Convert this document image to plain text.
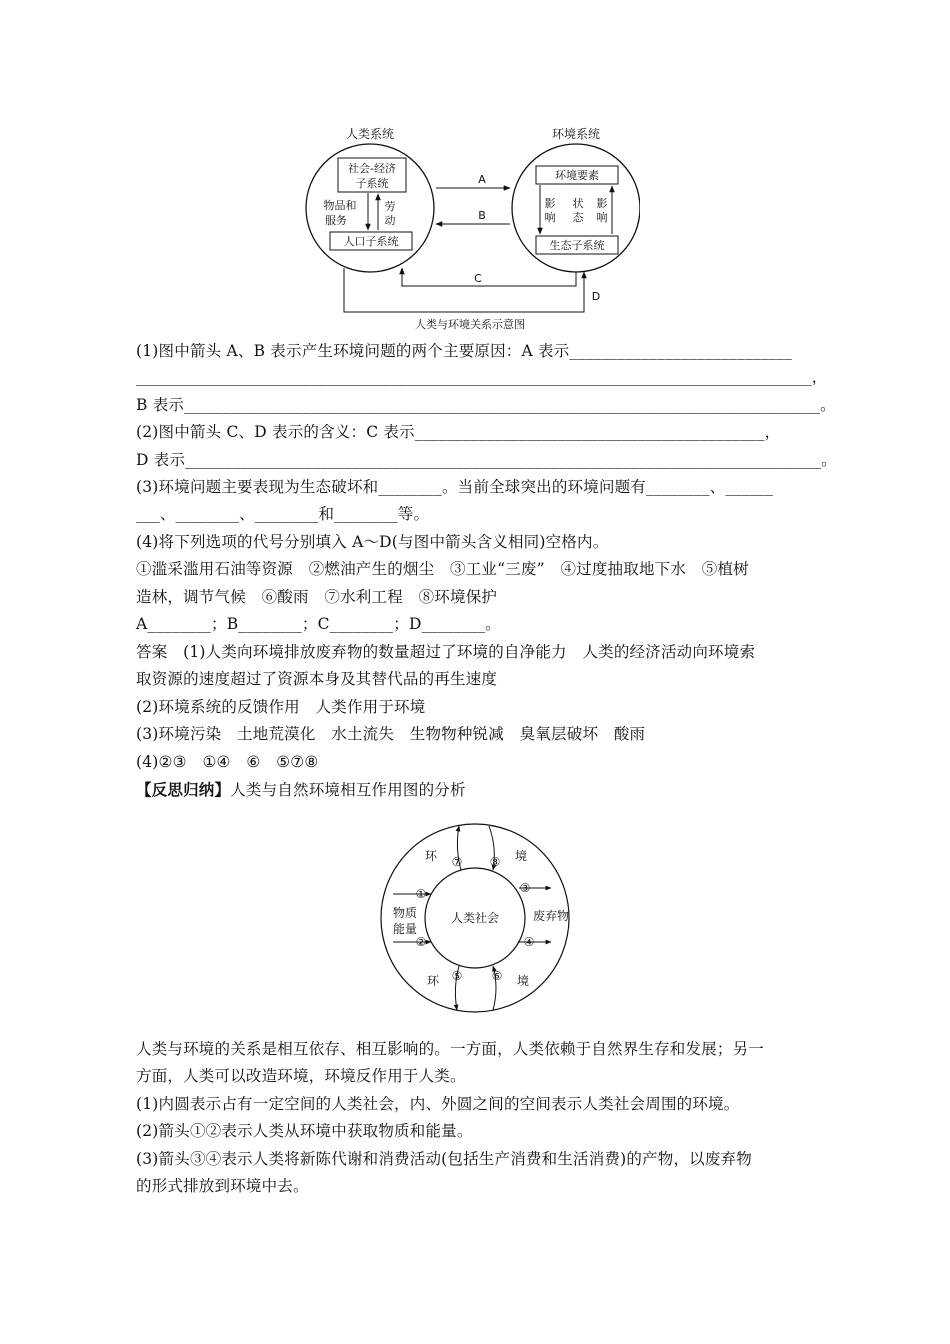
人类系统	环境系统
社会-经济
子系统
人口子系统
物品和
服务
劳
动
环境要素
生态子系统
影
响
状
态
影
响
A
B
C
D
人类与环境关系示意图
(1)图中箭头 A、B 表示产生环境问题的两个主要原因：A 表示____________________________
_____________________________________________________________________________________，
B 表示________________________________________________________________________________。
(2)图中箭头 C、D 表示的含义：C 表示____________________________________________，
D 表示________________________________________________________________________________。
(3)环境问题主要表现为生态破坏和________。当前全球突出的环境问题有________、______
___、________、________和________等。
(4)将下列选项的代号分别填入 A～D(与图中箭头含义相同)空格内。
①滥采滥用石油等资源　②燃油产生的烟尘　③工业“三废”　④过度抽取地下水　⑤植树
造林，调节气候　⑥酸雨　⑦水利工程　⑧环境保护
A________；B________；C________；D________。
答案　(1)人类向环境排放废弃物的数量超过了环境的自净能力　人类的经济活动向环境索
取资源的速度超过了资源本身及其替代品的再生速度
(2)环境系统的反馈作用　人类作用于环境
(3)环境污染　土地荒漠化　水土流失　生物物种锐减　臭氧层破坏　酸雨
(4)②③　①④　⑥　⑤⑦⑧
【反思归纳】人类与自然环境相互作用图的分析
人类社会
环	境
环	境
物质
能量
废弃物
①
②
③
④
⑦ ⑧
⑤ ⑥
人类与环境的关系是相互依存、相互影响的。一方面，人类依赖于自然界生存和发展；另一
方面，人类可以改造环境，环境反作用于人类。
(1)内圆表示占有一定空间的人类社会，内、外圆之间的空间表示人类社会周围的环境。
(2)箭头①②表示人类从环境中获取物质和能量。
(3)箭头③④表示人类将新陈代谢和消费活动(包括生产消费和生活消费)的产物，以废弃物
的形式排放到环境中去。
